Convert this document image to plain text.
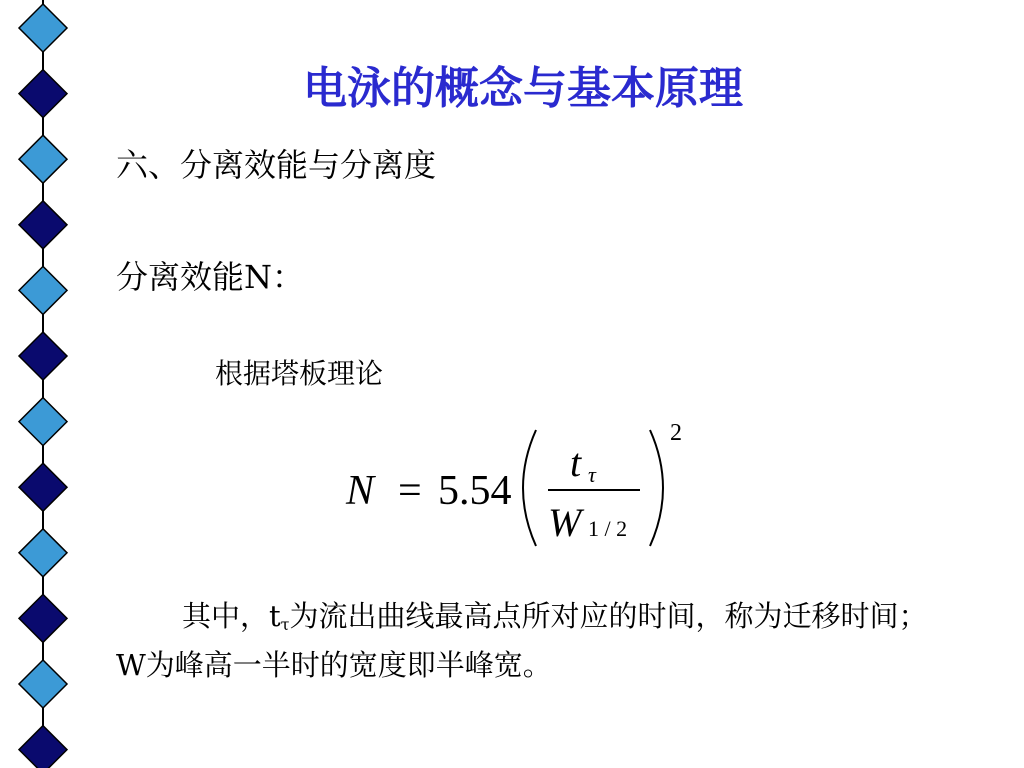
电泳的概念与基本原理
六、分离效能与分离度
分离效能N：
根据塔板理论
N = 5.54
t τ
W 1 / 2
2
其中，$t_\tau$为流出曲线最高点所对应的时间，称为迁移时间；W为峰高一半时的宽度即半峰宽。
